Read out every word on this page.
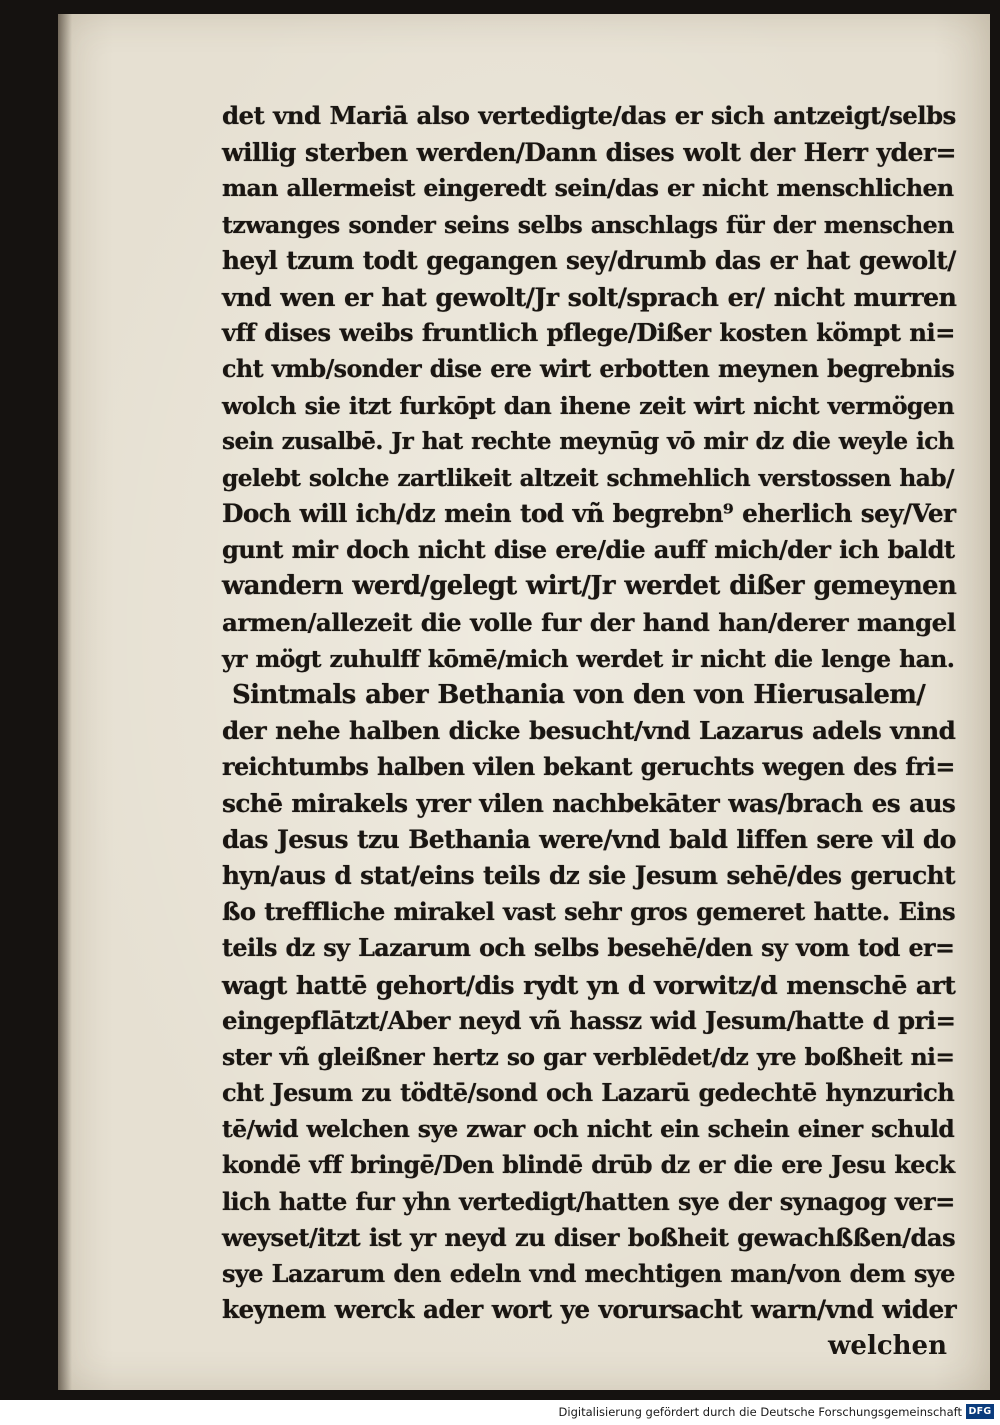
det vnd Mariā also vertedigte/das er sich antzeigt/selbs
willig sterben werden/Dann dises wolt der Herr yder=
man allermeist eingeredt sein/das er nicht menschlichen
tzwanges sonder seins selbs anschlags für der menschen
heyl tzum todt gegangen sey/drumb das er hat gewolt/
vnd wen er hat gewolt/Jr solt/sprach er/ nicht murren
vff dises weibs fruntlich pflege/Dißer kosten kömpt ni=
cht vmb/sonder dise ere wirt erbotten meynen begrebnis
wolch sie itzt furkōpt dan ihene zeit wirt nicht vermögen
sein zusalbē. Jr hat rechte meynūg vō mir dz die weyle ich
gelebt solche zartlikeit altzeit schmehlich verstossen hab/
Doch will ich/dz mein tod vñ begrebn⁹ eherlich sey/Ver
gunt mir doch nicht dise ere/die auff mich/der ich baldt
wandern werd/gelegt wirt/Jr werdet dißer gemeynen
armen/allezeit die volle fur der hand han/derer mangel
yr mögt zuhulff kōmē/mich werdet ir nicht die lenge han.
Sintmals aber Bethania von den von Hierusalem/
der nehe halben dicke besucht/vnd Lazarus adels vnnd
reichtumbs halben vilen bekant geruchts wegen des fri=
schē mirakels yrer vilen nachbekāter was/brach es aus
das Jesus tzu Bethania were/vnd bald liffen sere vil do
hyn/aus d stat/eins teils dz sie Jesum sehē/des gerucht
ßo treffliche mirakel vast sehr gros gemeret hatte. Eins
teils dz sy Lazarum och selbs besehē/den sy vom tod er=
wagt hattē gehort/dis rydt yn d vorwitz/d menschē art
eingepflātzt/Aber neyd vñ hassz wid Jesum/hatte d pri=
ster vñ gleißner hertz so gar verblēdet/dz yre boßheit ni=
cht Jesum zu tödtē/sond och Lazarū gedechtē hynzurich
tē/wid welchen sye zwar och nicht ein schein einer schuld
kondē vff bringē/Den blindē drūb dz er die ere Jesu keck
lich hatte fur yhn vertedigt/hatten sye der synagog ver=
weyset/itzt ist yr neyd zu diser boßheit gewachßßen/das
sye Lazarum den edeln vnd mechtigen man/von dem sye
keynem werck ader wort ye vorursacht warn/vnd wider
welchen
Digitalisierung gefördert durch die Deutsche Forschungsgemeinschaft DFG
